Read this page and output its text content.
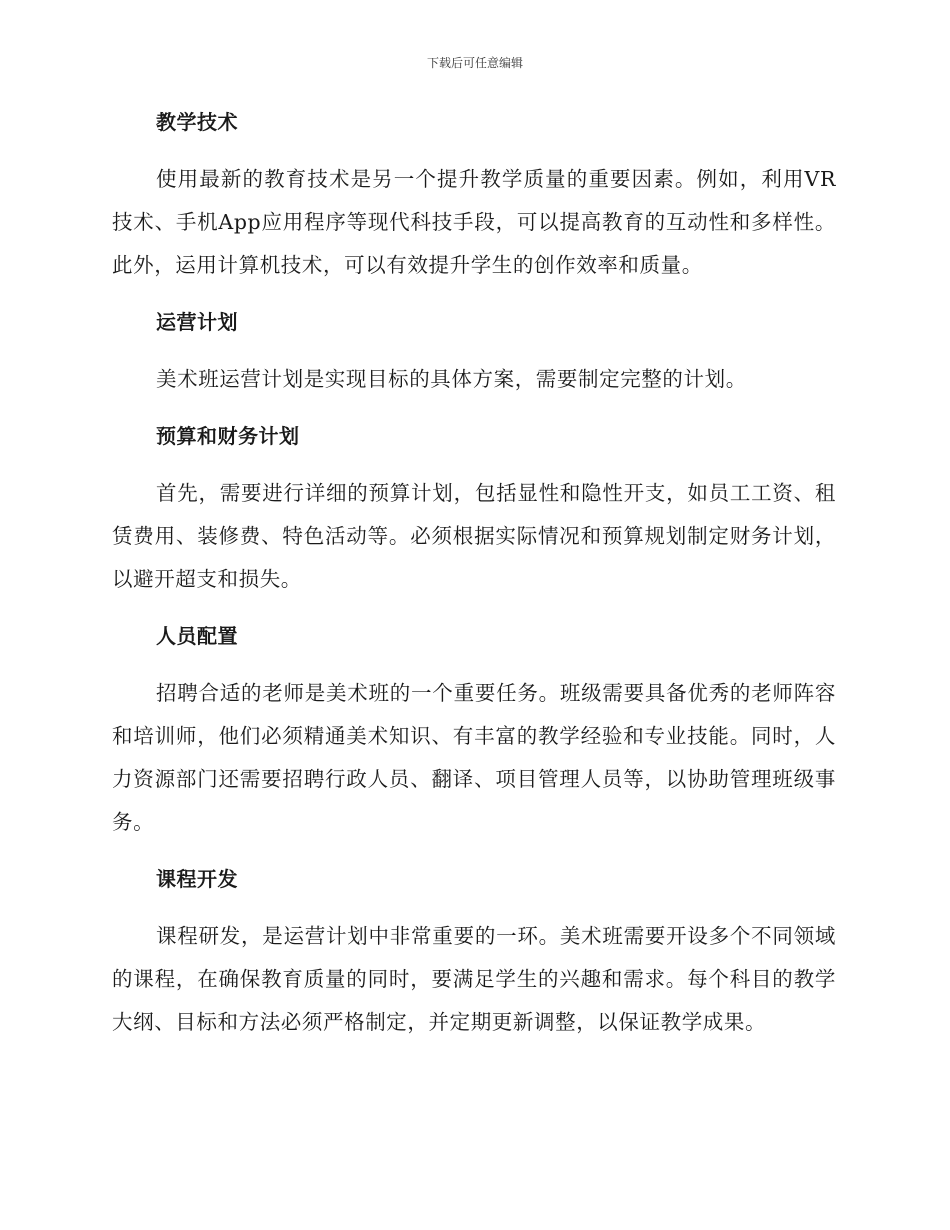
下载后可任意编辑
教学技术

使用最新的教育技术是另一个提升教学质量的重要因素。例如，利用VR技术、手机App应用程序等现代科技手段，可以提高教育的互动性和多样性。此外，运用计算机技术，可以有效提升学生的创作效率和质量。

运营计划

美术班运营计划是实现目标的具体方案，需要制定完整的计划。

预算和财务计划

首先，需要进行详细的预算计划，包括显性和隐性开支，如员工工资、租赁费用、装修费、特色活动等。必须根据实际情况和预算规划制定财务计划，以避开超支和损失。

人员配置

招聘合适的老师是美术班的一个重要任务。班级需要具备优秀的老师阵容和培训师，他们必须精通美术知识、有丰富的教学经验和专业技能。同时，人力资源部门还需要招聘行政人员、翻译、项目管理人员等，以协助管理班级事务。

课程开发

课程研发，是运营计划中非常重要的一环。美术班需要开设多个不同领域的课程，在确保教育质量的同时，要满足学生的兴趣和需求。每个科目的教学大纲、目标和方法必须严格制定，并定期更新调整，以保证教学成果。
